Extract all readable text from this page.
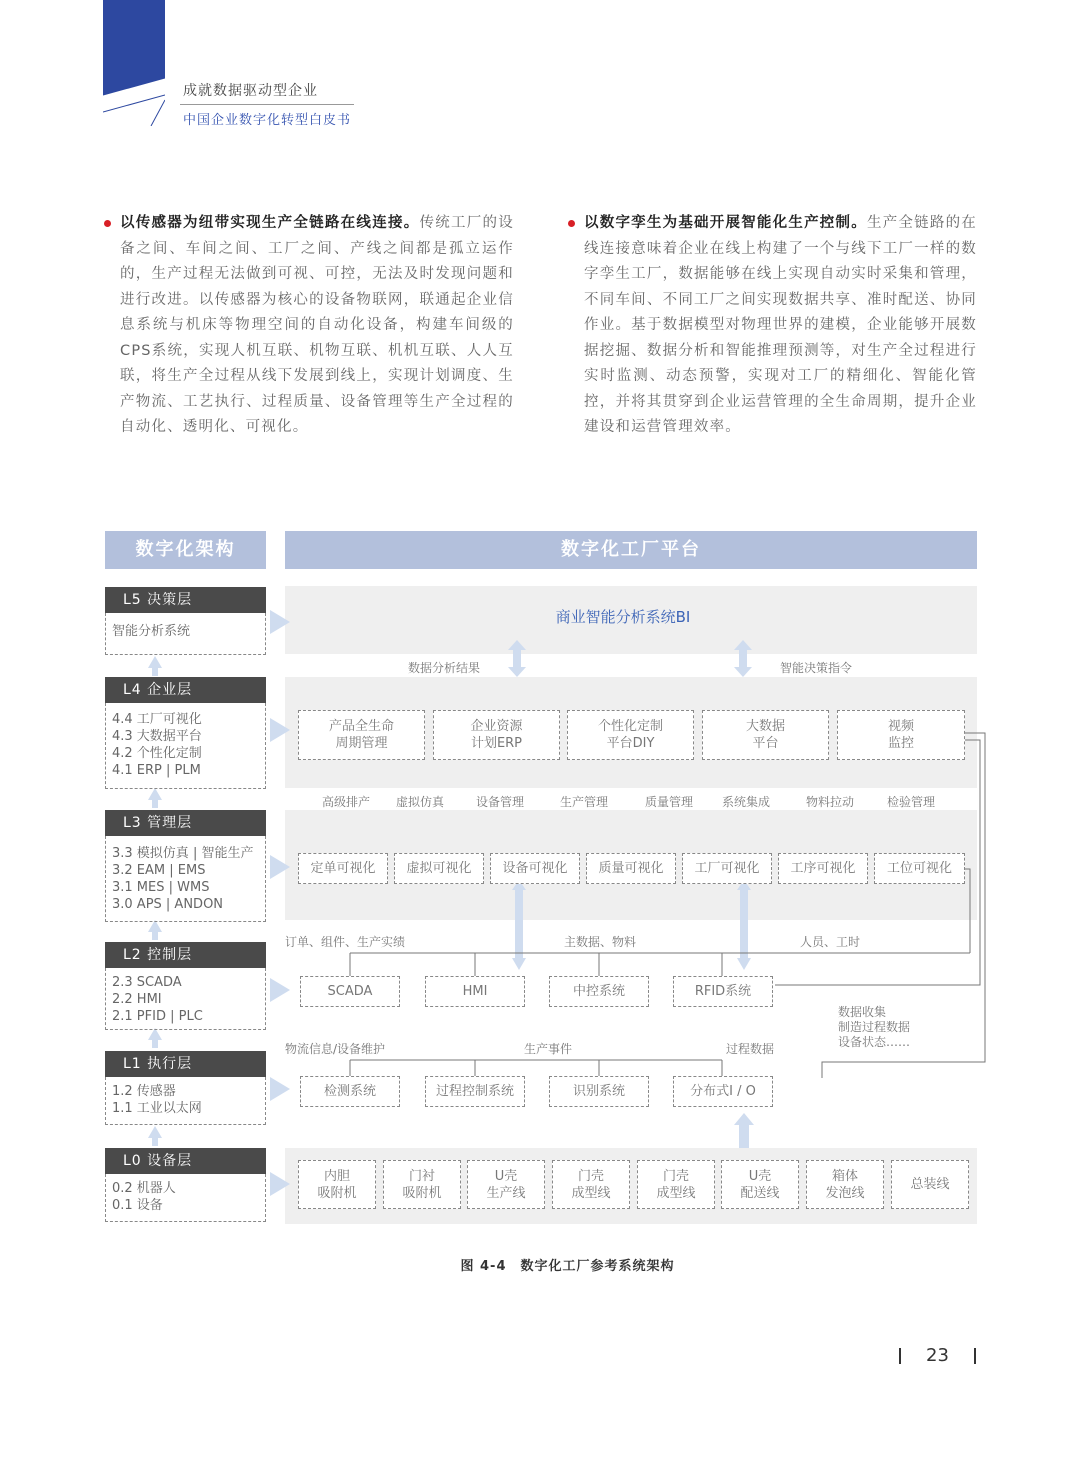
成就数据驱动型企业
中国企业数字化转型白皮书
以传感器为纽带实现生产全链路在线连接。传统工厂的设备之间、车间之间、工厂之间、产线之间都是孤立运作的，生产过程无法做到可视、可控，无法及时发现问题和进行改进。以传感器为核心的设备物联网，联通起企业信息系统与机床等物理空间的自动化设备，构建车间级的CPS系统，实现人机互联、机物互联、机机互联、人人互联，将生产全过程从线下发展到线上，实现计划调度、生产物流、工艺执行、过程质量、设备管理等生产全过程的自动化、透明化、可视化。
以数字孪生为基础开展智能化生产控制。生产全链路的在线连接意味着企业在线上构建了一个与线下工厂一样的数字孪生工厂，数据能够在线上实现自动实时采集和管理，不同车间、不同工厂之间实现数据共享、准时配送、协同作业。基于数据模型对物理世界的建模，企业能够开展数据挖掘、数据分析和智能推理预测等，对生产全过程进行实时监测、动态预警，实现对工厂的精细化、智能化管控，并将其贯穿到企业运营管理的全生命周期，提升企业建设和运营管理效率。
数字化架构	数字化工厂平台
L5 决策层
智能分析系统
L4 企业层
4.4 工厂可视化
4.3 大数据平台
4.2 个性化定制
4.1 ERP | PLM
L3 管理层
3.3 模拟仿真 | 智能生产
3.2 EAM | EMS
3.1 MES | WMS
3.0 APS | ANDON
L2 控制层
2.3 SCADA
2.2 HMI
2.1 PFID | PLC
L1 执行层
1.2 传感器
1.1 工业以太网
L0 设备层
0.2 机器人
0.1 设备
商业智能分析系统BI
数据分析结果	智能决策指令
产品全生命
周期管理
企业资源
计划ERP
个性化定制
平台DIY
大数据
平台
视频
监控
高级排产 虚拟仿真	设备管理	生产管理	质量管理 系统集成	物料拉动	检验管理
定单可视化	虚拟可视化	设备可视化	质量可视化	工厂可视化	工序可视化	工位可视化
订单、组件、生产实绩	主数据、物料	人员、工时
SCADA	HMI	中控系统	RFID系统
数据收集
制造过程数据
设备状态……
物流信息/设备维护	生产事件	过程数据
检测系统	过程控制系统	识别系统	分布式I / O
内胆
吸附机
门衬
吸附机
U壳
生产线
门壳
成型线
门壳
成型线
U壳
配送线
箱体
发泡线
总装线
图 4-4　数字化工厂参考系统架构
23
